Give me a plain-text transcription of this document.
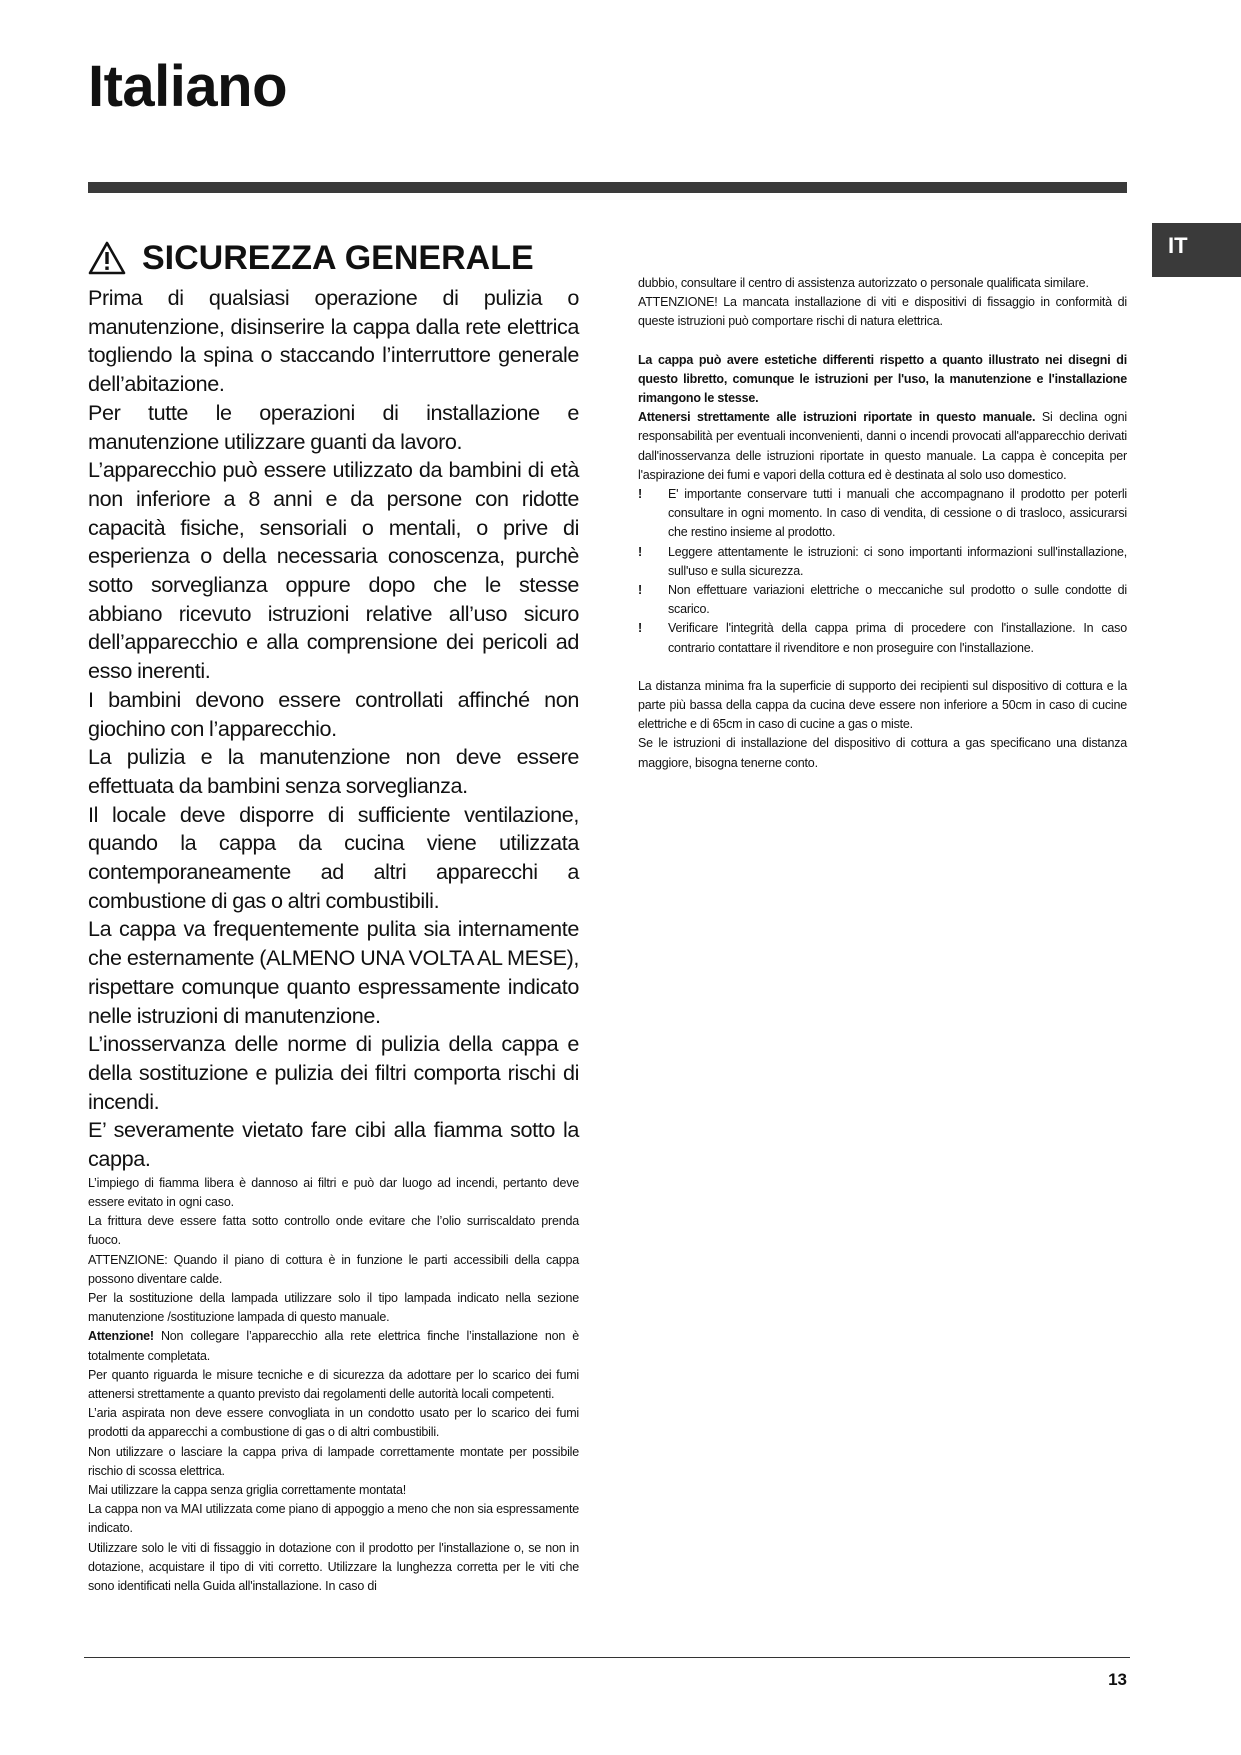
Italiano
IT
SICUREZZA GENERALE

Prima di qualsiasi operazione di pulizia o manutenzione, disinserire la cappa dalla rete elettrica togliendo la spina o staccando l’interruttore generale dell’abitazione.

Per tutte le operazioni di installazione e manutenzione utilizzare guanti da lavoro.

L’apparecchio può essere utilizzato da bambini di età non inferiore a 8 anni e da persone con ridotte capacità fisiche, sensoriali o mentali, o prive di esperienza o della necessaria conoscenza, purchè sotto sorveglianza oppure dopo che le stesse abbiano ricevuto istruzioni relative all’uso sicuro dell’apparecchio e alla comprensione dei pericoli ad esso inerenti.

I bambini devono essere controllati affinché non giochino con l’apparecchio.

La pulizia e la manutenzione non deve essere effettuata da bambini senza sorveglianza.

Il locale deve disporre di sufficiente ventilazione, quando la cappa da cucina viene utilizzata contemporaneamente ad altri apparecchi a combustione di gas o altri combustibili.

La cappa va frequentemente pulita sia internamente che esternamente (ALMENO UNA VOLTA AL MESE), rispettare comunque quanto espressamente indicato nelle istruzioni di manutenzione.

L’inosservanza delle norme di pulizia della cappa e della sostituzione e pulizia dei filtri comporta rischi di incendi.

E’ severamente vietato fare cibi alla fiamma sotto la cappa.

L’impiego di fiamma libera è dannoso ai filtri e può dar luogo ad incendi, pertanto deve essere evitato in ogni caso.

La frittura deve essere fatta sotto controllo onde evitare che l’olio surriscaldato prenda fuoco.

ATTENZIONE: Quando il piano di cottura è in funzione le parti accessibili della cappa possono diventare calde.

Per la sostituzione della lampada utilizzare solo il tipo lampada indicato nella sezione manutenzione /sostituzione lampada di questo manuale.

Attenzione! Non collegare l’apparecchio alla rete elettrica finche l’installazione non è totalmente completata.

Per quanto riguarda le misure tecniche e di sicurezza da adottare per lo scarico dei fumi attenersi strettamente a quanto previsto dai regolamenti delle autorità locali competenti.

L’aria aspirata non deve essere convogliata in un condotto usato per lo scarico dei fumi prodotti da apparecchi a combustione di gas o di altri combustibili.

Non utilizzare o lasciare la cappa priva di lampade correttamente montate per possibile rischio di scossa elettrica.

Mai utilizzare la cappa senza griglia correttamente montata!

La cappa non va MAI utilizzata come piano di appoggio a meno che non sia espressamente indicato.

Utilizzare solo le viti di fissaggio in dotazione con il prodotto per l'installazione o, se non in dotazione, acquistare il tipo di viti corretto. Utilizzare la lunghezza corretta per le viti che sono identificati nella Guida all'installazione. In caso di

dubbio, consultare il centro di assistenza autorizzato o personale qualificata similare.

ATTENZIONE! La mancata installazione di viti e dispositivi di fissaggio in conformità di queste istruzioni può comportare rischi di natura elettrica.

La cappa può avere estetiche differenti rispetto a quanto illustrato nei disegni di questo libretto, comunque le istruzioni per l'uso, la manutenzione e l'installazione rimangono le stesse.

Attenersi strettamente alle istruzioni riportate in questo manuale. Si declina ogni responsabilità per eventuali inconvenienti, danni o incendi provocati all'apparecchio derivati dall'inosservanza delle istruzioni riportate in questo manuale. La cappa è concepita per l'aspirazione dei fumi e vapori della cottura ed è destinata al solo uso domestico.

!	E' importante conservare tutti i manuali che accompagnano il prodotto per poterli consultare in ogni momento. In caso di vendita, di cessione o di trasloco, assicurarsi che restino insieme al prodotto.

!	Leggere attentamente le istruzioni: ci sono importanti informazioni sull'installazione, sull'uso e sulla sicurezza.

!	Non effettuare variazioni elettriche o meccaniche sul prodotto o sulle condotte di scarico.

!	Verificare l'integrità della cappa prima di procedere con l'installazione. In caso contrario contattare il rivenditore e non proseguire con l'installazione.

La distanza minima fra la superficie di supporto dei recipienti sul dispositivo di cottura e la parte più bassa della cappa da cucina deve essere non inferiore a 50cm in caso di cucine elettriche e di 65cm in caso di cucine a gas o miste.

Se le istruzioni di installazione del dispositivo di cottura a gas specificano una distanza maggiore, bisogna tenerne conto.

13
